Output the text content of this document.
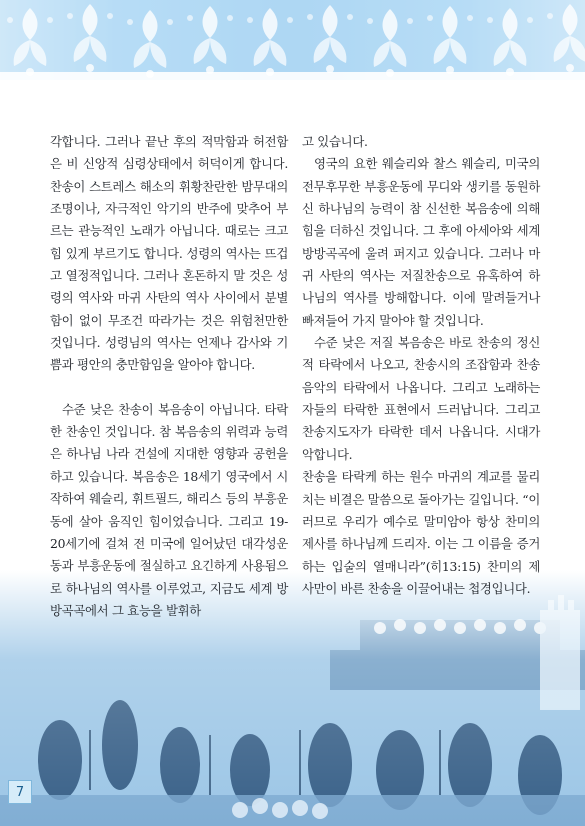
각합니다. 그러나 끝난 후의 적막함과 허전함은 비 신앙적 심령상태에서 허덕이게 합니다. 찬송이 스트레스 해소의 휘황찬란한 밤무대의 조명이나, 자극적인 악기의 반주에 맞추어 부르는 관능적인 노래가 아닙니다. 때로는 크고 힘 있게 부르기도 합니다. 성령의 역사는 뜨겁고 열정적입니다. 그러나 혼돈하지 말 것은 성령의 역사와 마귀 사탄의 역사 사이에서 분별함이 없이 무조건 따라가는 것은 위험천만한 것입니다. 성령님의 역사는 언제나 감사와 기쁨과 평안의 충만함임을 알아야 합니다.

수준 낮은 찬송이 복음송이 아닙니다. 타락한 찬송인 것입니다. 참 복음송의 위력과 능력은 하나님 나라 건설에 지대한 영향과 공헌을 하고 있습니다. 복음송은 18세기 영국에서 시작하여 웨슬리, 휘트필드, 해리스 등의 부흥운동에 살아 움직인 힘이었습니다. 그리고 19-20세기에 걸쳐 전 미국에 일어났던 대각성운동과 부흥운동에 절실하고 요긴하게 사용됨으로 하나님의 역사를 이루었고, 지금도 세계 방방곡곡에서 그 효능을 발휘하

고 있습니다.

영국의 요한 웨슬리와 찰스 웨슬리, 미국의 전무후무한 부흥운동에 무디와 생키를 동원하신 하나님의 능력이 참 신선한 복음송에 의해 힘을 더하신 것입니다. 그 후에 아세아와 세계 방방곡곡에 울려 퍼지고 있습니다. 그러나 마귀 사탄의 역사는 저질찬송으로 유혹하여 하나님의 역사를 방해합니다. 이에 말려들거나 빠져들어 가지 말아야 할 것입니다.

수준 낮은 저질 복음송은 바로 찬송의 정신적 타락에서 나오고, 찬송시의 조잡함과 찬송음악의 타락에서 나옵니다. 그리고 노래하는 자들의 타락한 표현에서 드러납니다. 그리고 찬송지도자가 타락한 데서 나옵니다. 시대가 악합니다.

찬송을 타락케 하는 원수 마귀의 계교를 물리치는 비결은 말씀으로 돌아가는 길입니다. “이러므로 우리가 예수로 말미암아 항상 찬미의 제사를 하나님께 드리자. 이는 그 이름을 증거하는 입술의 열매니라”(히13:15) 찬미의 제사만이 바른 찬송을 이끌어내는 첩경입니다.

7
